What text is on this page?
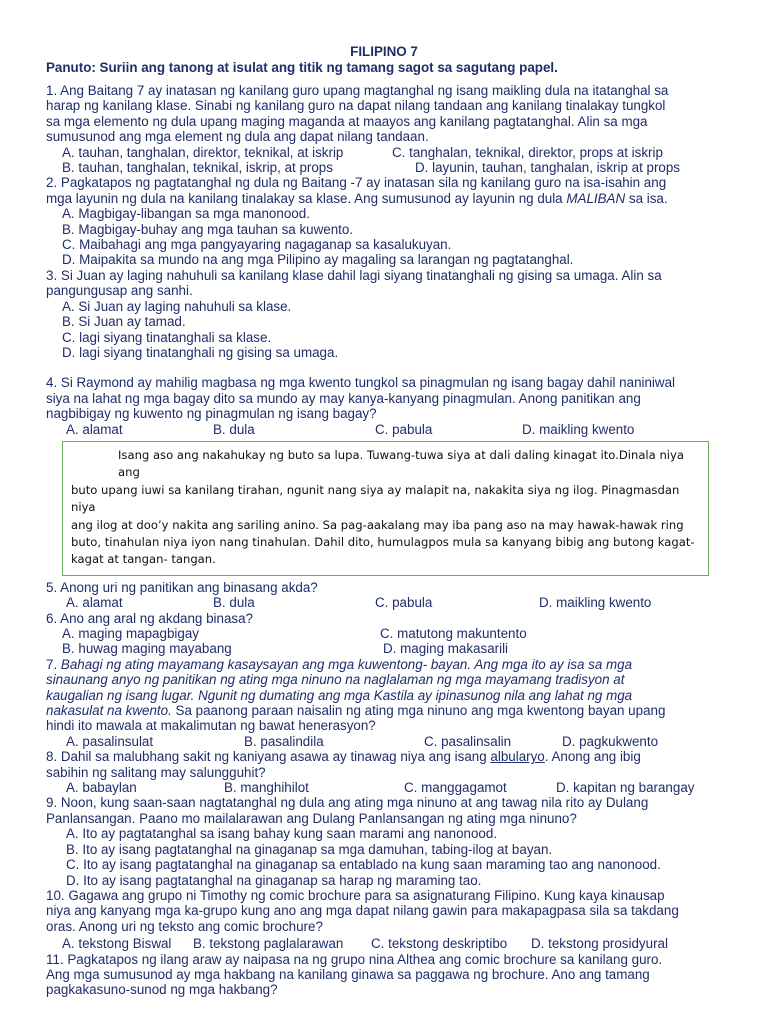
FILIPINO 7
Panuto: Suriin ang tanong at isulat ang titik ng tamang sagot sa sagutang papel.
1. Ang Baitang 7 ay inatasan ng kanilang guro upang magtanghal ng isang maikling dula na itatanghal sa
harap ng kanilang klase. Sinabi ng kanilang guro na dapat nilang tandaan ang kanilang tinalakay tungkol
sa mga elemento ng dula upang maging maganda at maayos ang kanilang pagtatanghal. Alin sa mga
sumusunod ang mga element ng dula ang dapat nilang tandaan.
A. tauhan, tanghalan, direktor, teknikal, at iskrip	C. tanghalan, teknikal, direktor, props at iskrip
B. tauhan, tanghalan, teknikal, iskrip, at props	D. layunin, tauhan, tanghalan, iskrip at props
2. Pagkatapos ng pagtatanghal ng dula ng Baitang -7 ay inatasan sila ng kanilang guro na isa-isahin ang
mga layunin ng dula na kanilang tinalakay sa klase. Ang sumusunod ay layunin ng dula MALIBAN sa isa.
A. Magbigay-libangan sa mga manonood.
B. Magbigay-buhay ang mga tauhan sa kuwento.
C. Maibahagi ang mga pangyayaring nagaganap sa kasalukuyan.
D. Maipakita sa mundo na ang mga Pilipino ay magaling sa larangan ng pagtatanghal.
3. Si Juan ay laging nahuhuli sa kanilang klase dahil lagi siyang tinatanghali ng gising sa umaga. Alin sa
pangungusap ang sanhi.
A. Si Juan ay laging nahuhuli sa klase.
B. Si Juan ay tamad.
C. lagi siyang tinatanghali sa klase.
D. lagi siyang tinatanghali ng gising sa umaga.
4. Si Raymond ay mahilig magbasa ng mga kwento tungkol sa pinagmulan ng isang bagay dahil naniniwal
siya na lahat ng mga bagay dito sa mundo ay may kanya-kanyang pinagmulan. Anong panitikan ang
nagbibigay ng kuwento ng pinagmulan ng isang bagay?
A. alamat	B. dula	C. pabula	D. maikling kwento
Isang aso ang nakahukay ng buto sa lupa. Tuwang-tuwa siya at dali daling kinagat ito.Dinala niya ang
buto upang iuwi sa kanilang tirahan, ngunit nang siya ay malapit na, nakakita siya ng ilog. Pinagmasdan niya
ang ilog at doo’y nakita ang sariling anino. Sa pag-aakalang may iba pang aso na may hawak-hawak ring
buto, tinahulan niya iyon nang tinahulan. Dahil dito, humulagpos mula sa kanyang bibig ang butong kagat-
kagat at tangan- tangan.
5. Anong uri ng panitikan ang binasang akda?
A. alamat	B. dula	C. pabula	D. maikling kwento
6. Ano ang aral ng akdang binasa?
A. maging mapagbigay	C. matutong makuntento
B. huwag maging mayabang	D. maging makasarili
7. Bahagi ng ating mayamang kasaysayan ang mga kuwentong- bayan. Ang mga ito ay isa sa mga
sinaunang anyo ng panitikan ng ating mga ninuno na naglalaman ng mga mayamang tradisyon at
kaugalian ng isang lugar. Ngunit ng dumating ang mga Kastila ay ipinasunog nila ang lahat ng mga
nakasulat na kwento. Sa paanong paraan naisalin ng ating mga ninuno ang mga kwentong bayan upang
hindi ito mawala at makalimutan ng bawat henerasyon?
A. pasalinsulat	B. pasalindila	C. pasalinsalin	D. pagkukwento
8. Dahil sa malubhang sakit ng kaniyang asawa ay tinawag niya ang isang albularyo. Anong ang ibig
sabihin ng salitang may salungguhit?
A. babaylan	B. manghihilot	C. manggagamot	D. kapitan ng barangay
9. Noon, kung saan-saan nagtatanghal ng dula ang ating mga ninuno at ang tawag nila rito ay Dulang
Panlansangan. Paano mo mailalarawan ang Dulang Panlansangan ng ating mga ninuno?
A. Ito ay pagtatanghal sa isang bahay kung saan marami ang nanonood.
B. Ito ay isang pagtatanghal na ginaganap sa mga damuhan, tabing-ilog at bayan.
C. Ito ay isang pagtatanghal na ginaganap sa entablado na kung saan maraming tao ang nanonood.
D. Ito ay isang pagtatanghal na ginaganap sa harap ng maraming tao.
10. Gagawa ang grupo ni Timothy ng comic brochure para sa asignaturang Filipino. Kung kaya kinausap
niya ang kanyang mga ka-grupo kung ano ang mga dapat nilang gawin para makapagpasa sila sa takdang
oras. Anong uri ng teksto ang comic brochure?
A. tekstong Biswal	B. tekstong paglalarawan	C. tekstong deskriptibo	D. tekstong prosidyural
11. Pagkatapos ng ilang araw ay naipasa na ng grupo nina Althea ang comic brochure sa kanilang guro.
Ang mga sumusunod ay mga hakbang na kanilang ginawa sa paggawa ng brochure. Ano ang tamang
pagkakasuno-sunod ng mga hakbang?
